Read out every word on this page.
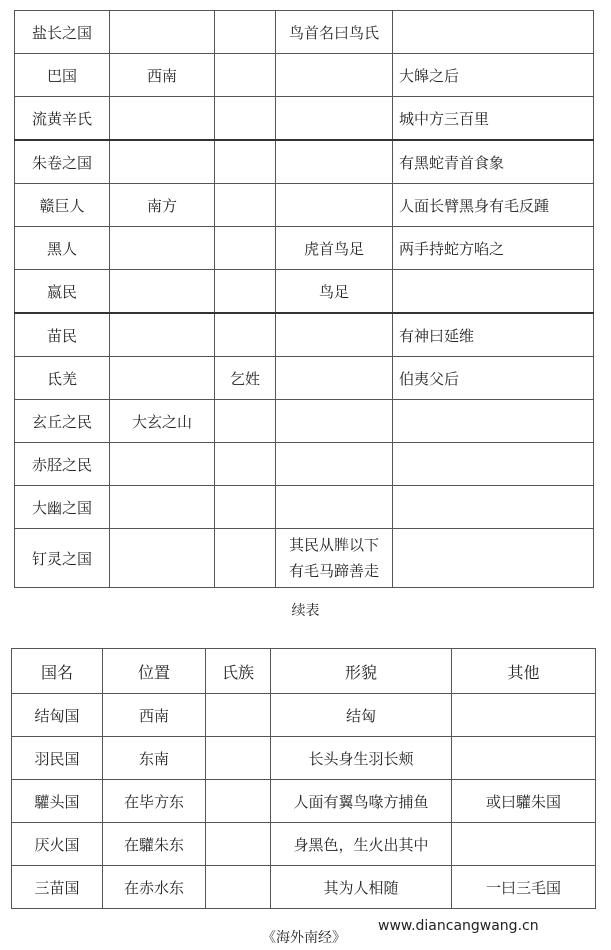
盐长之国			鸟首名曰鸟氏	
巴国	西南			大皞之后
流黄辛氏				城中方三百里
朱卷之国				有黑蛇青首食象
赣巨人	南方			人面长臂黑身有毛反踵
黑人			虎首鸟足	两手持蛇方啗之
嬴民			鸟足	
苗民				有神曰延维
氐羌		乞姓		伯夷父后
玄丘之民	大玄之山			
赤胫之民				
大幽之国				
钉灵之国			其民从𦞠以下
有毛马蹄善走	

续表
国名	位置	氏族	形貌	其他
结匈国	西南		结匈	
羽民国	东南		长头身生羽长颊	
驩头国	在毕方东		人面有翼鸟喙方捕鱼	或曰驩朱国
厌火国	在驩朱东		身黑色，生火出其中	
三苗国	在赤水东		其为人相随	一曰三毛国
《海外南经》
www.diancangwang.cn
